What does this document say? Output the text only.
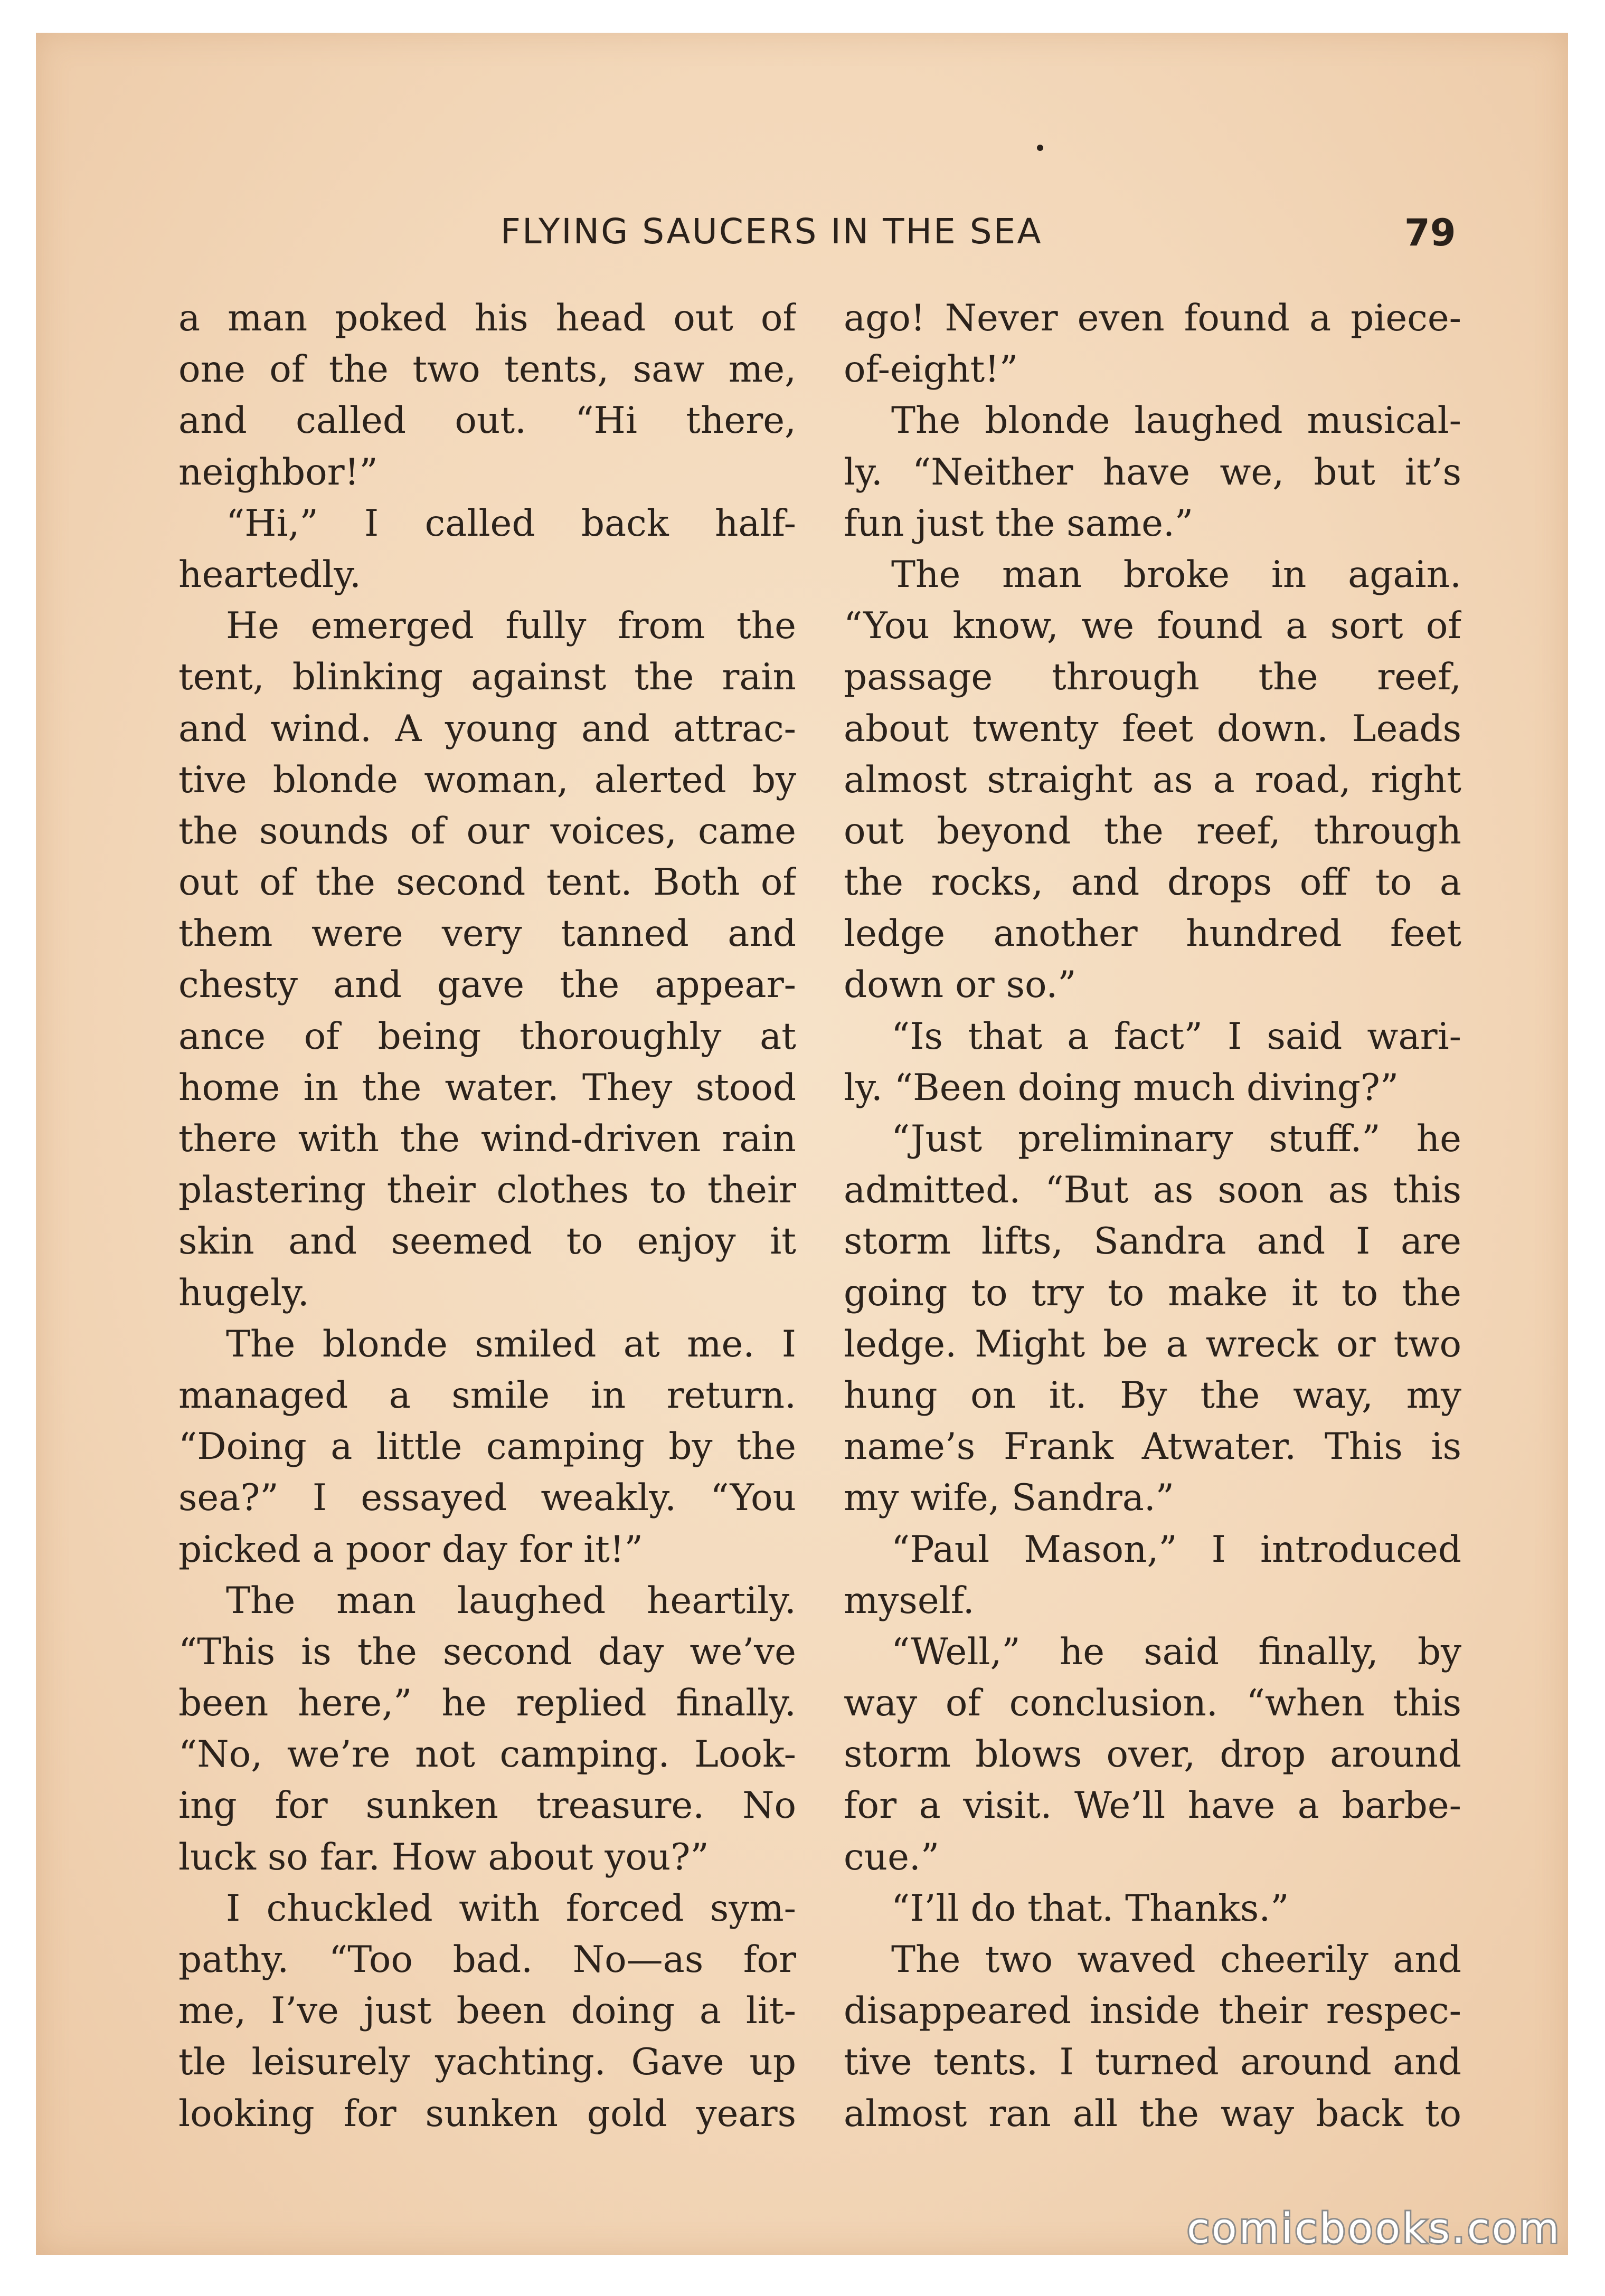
FLYING SAUCERS IN THE SEA	79
a man poked his head out of
one of the two tents, saw me,
and called out. “Hi there,
neighbor!”
“Hi,” I called back half-
heartedly.
He emerged fully from the
tent, blinking against the rain
and wind. A young and attrac-
tive blonde woman, alerted by
the sounds of our voices, came
out of the second tent. Both of
them were very tanned and
chesty and gave the appear-
ance of being thoroughly at
home in the water. They stood
there with the wind-driven rain
plastering their clothes to their
skin and seemed to enjoy it
hugely.
The blonde smiled at me. I
managed a smile in return.
“Doing a little camping by the
sea?” I essayed weakly. “You
picked a poor day for it!”
The man laughed heartily.
“This is the second day we’ve
been here,” he replied finally.
“No, we’re not camping. Look-
ing for sunken treasure. No
luck so far. How about you?”
I chuckled with forced sym-
pathy. “Too bad. No—as for
me, I’ve just been doing a lit-
tle leisurely yachting. Gave up
looking for sunken gold years
ago! Never even found a piece-
of-eight!”
The blonde laughed musical-
ly. “Neither have we, but it’s
fun just the same.”
The man broke in again.
“You know, we found a sort of
passage through the reef,
about twenty feet down. Leads
almost straight as a road, right
out beyond the reef, through
the rocks, and drops off to a
ledge another hundred feet
down or so.”
“Is that a fact” I said wari-
ly. “Been doing much diving?”
“Just preliminary stuff.” he
admitted. “But as soon as this
storm lifts, Sandra and I are
going to try to make it to the
ledge. Might be a wreck or two
hung on it. By the way, my
name’s Frank Atwater. This is
my wife, Sandra.”
“Paul Mason,” I introduced
myself.
“Well,” he said finally, by
way of conclusion. “when this
storm blows over, drop around
for a visit. We’ll have a barbe-
cue.”
“I’ll do that. Thanks.”
The two waved cheerily and
disappeared inside their respec-
tive tents. I turned around and
almost ran all the way back to
comicbooks.com
